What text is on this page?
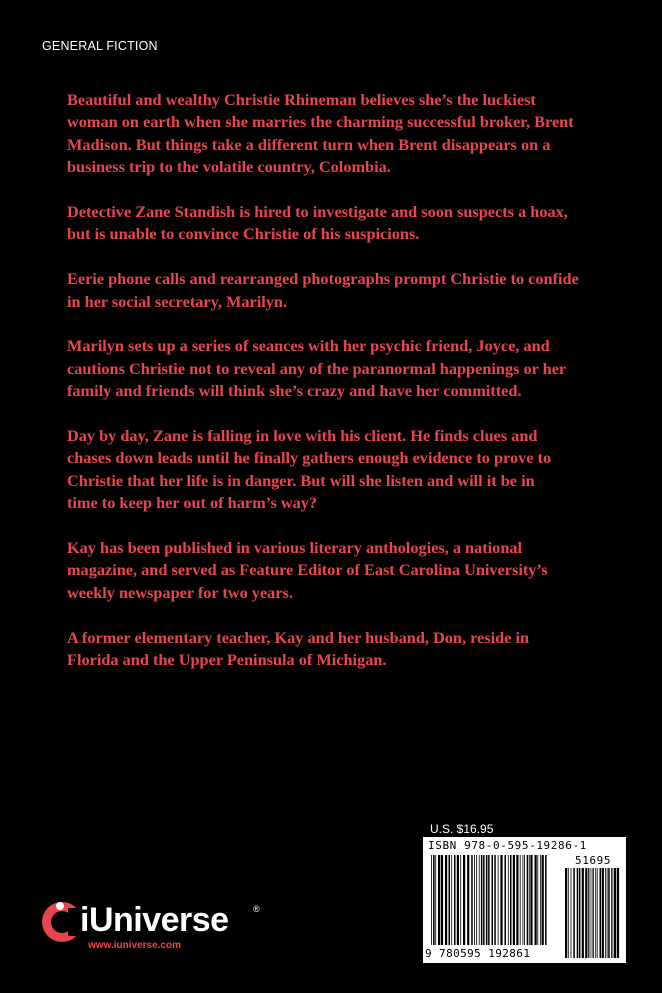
GENERAL FICTION

Beautiful and wealthy Christie Rhineman believes she’s the luckiest
woman on earth when she marries the charming successful broker, Brent
Madison. But things take a different turn when Brent disappears on a
business trip to the volatile country, Colombia.

Detective Zane Standish is hired to investigate and soon suspects a hoax,
but is unable to convince Christie of his suspicions.

Eerie phone calls and rearranged photographs prompt Christie to confide
in her social secretary, Marilyn.

Marilyn sets up a series of seances with her psychic friend, Joyce, and
cautions Christie not to reveal any of the paranormal happenings or her
family and friends will think she’s crazy and have her committed.

Day by day, Zane is falling in love with his client. He finds clues and
chases down leads until he finally gathers enough evidence to prove to
Christie that her life is in danger. But will she listen and will it be in
time to keep her out of harm’s way?

Kay has been published in various literary anthologies, a national
magazine, and served as Feature Editor of East Carolina University’s
weekly newspaper for two years.

A former elementary teacher, Kay and her husband, Don, reside in
Florida and the Upper Peninsula of Michigan.

U.S. $16.95
ISBN 978-0-595-19286-1
51695
9 780595 192861
iUniverse	®
www.iuniverse.com
